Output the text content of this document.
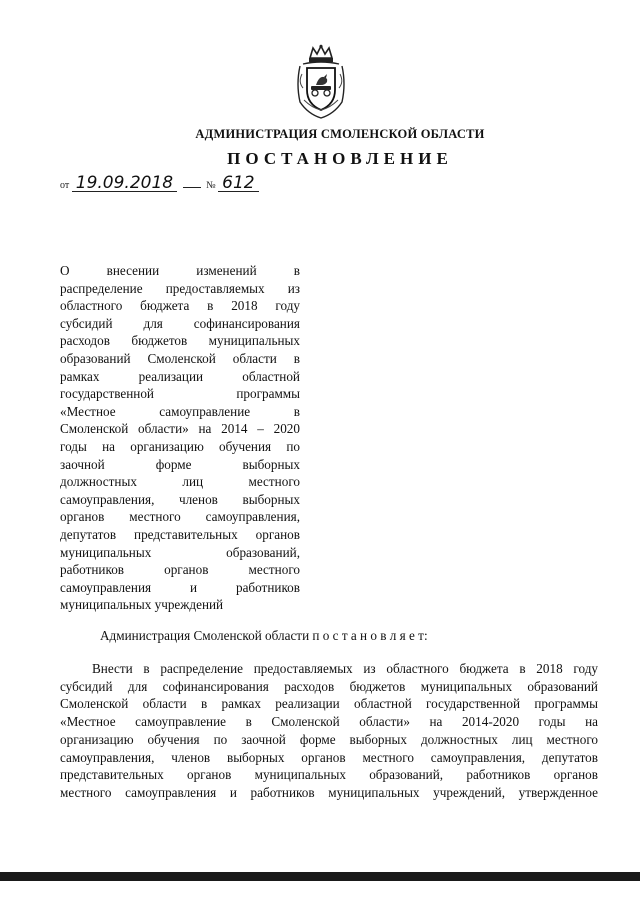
АДМИНИСТРАЦИЯ СМОЛЕНСКОЙ ОБЛАСТИ
ПОСТАНОВЛЕНИЕ
от 19.09.2018	№ 612
О внесении изменений в
распределение предоставляемых из
областного бюджета в 2018 году
субсидий для софинансирования
расходов бюджетов муниципальных
образований Смоленской области в
рамках реализации областной
государственной программы
«Местное самоуправление в
Смоленской области» на 2014 – 2020
годы на организацию обучения по
заочной форме выборных
должностных лиц местного
самоуправления, членов выборных
органов местного самоуправления,
депутатов представительных органов
муниципальных образований,
работников органов местного
самоуправления и работников
муниципальных учреждений
Администрация Смоленской области п о с т а н о в л я е т:
Внести в распределение предоставляемых из областного бюджета в 2018 году
субсидий для софинансирования расходов бюджетов муниципальных образований
Смоленской области в рамках реализации областной государственной программы
«Местное самоуправление в Смоленской области» на 2014-2020 годы на
организацию обучения по заочной форме выборных должностных лиц местного
самоуправления, членов выборных органов местного самоуправления, депутатов
представительных органов муниципальных образований, работников органов
местного самоуправления и работников муниципальных учреждений, утвержденное
